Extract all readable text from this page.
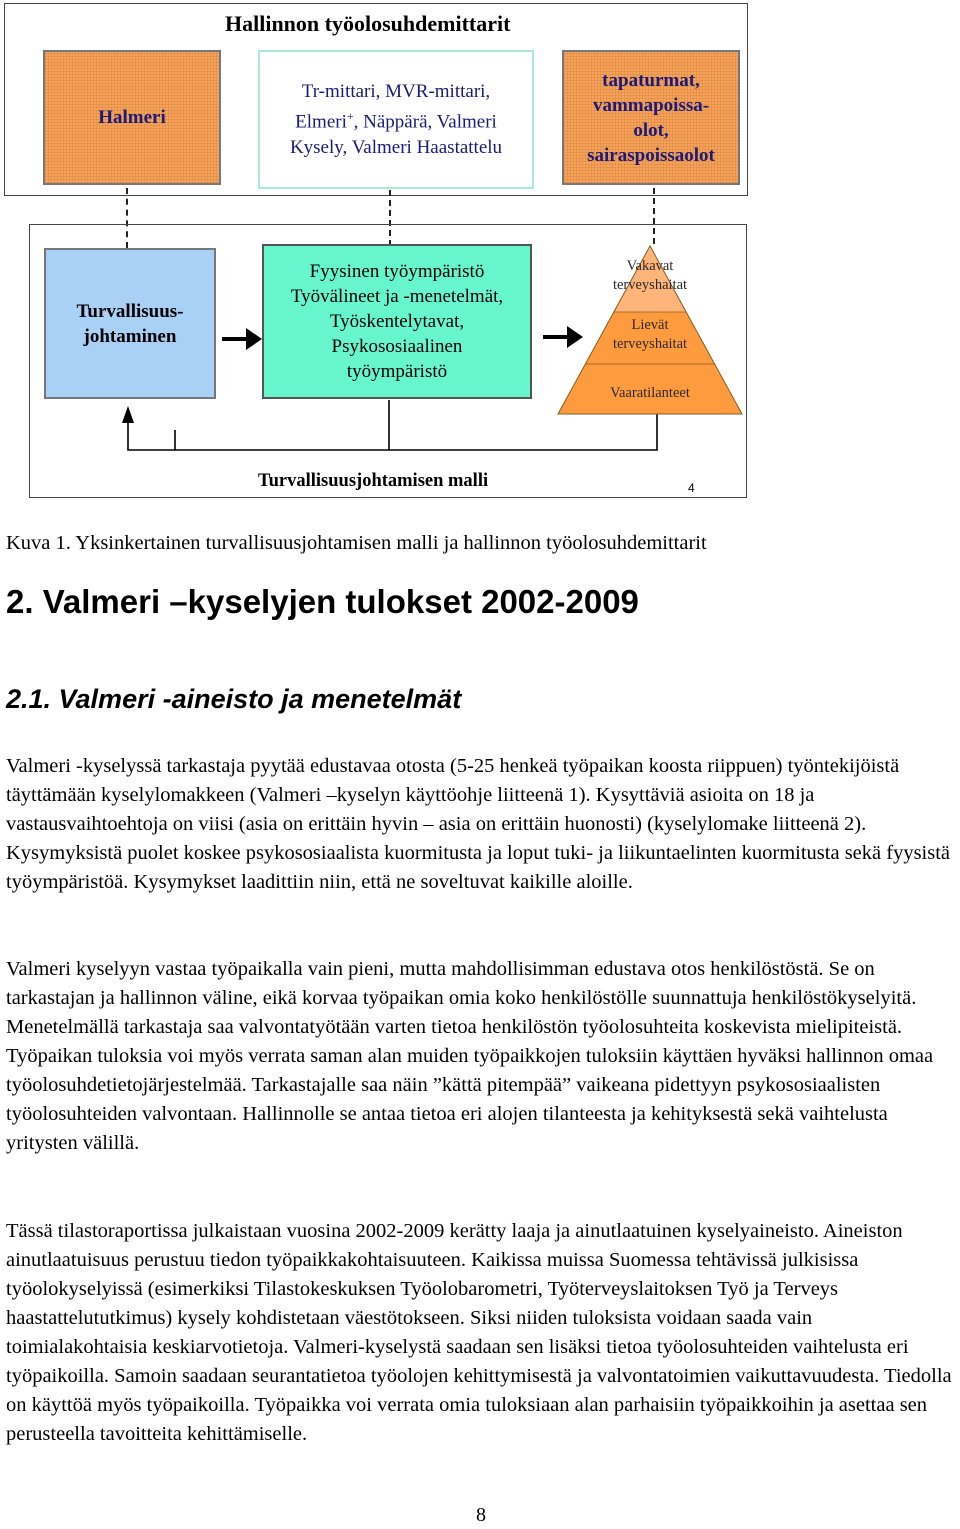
Hallinnon työolosuhdemittarit
Halmeri
Tr-mittari, MVR-mittari,
Elmeri+, Näppärä, Valmeri
Kysely, Valmeri Haastattelu
tapaturmat,
vammapoissa-
olot,
sairaspoissaolot
Turvallisuus-
johtaminen
Fyysinen työympäristö
Työvälineet ja -menetelmät,
Työskentelytavat,
Psykososiaalinen
työympäristö
Vakavat
terveyshaitat
Lievät
terveyshaitat
Vaaratilanteet
Turvallisuusjohtamisen malli	4
Kuva 1. Yksinkertainen turvallisuusjohtamisen malli ja hallinnon työolosuhdemittarit
2. Valmeri –kyselyjen tulokset 2002-2009
2.1. Valmeri -aineisto ja menetelmät

Valmeri -kyselyssä tarkastaja pyytää edustavaa otosta (5-25 henkeä työpaikan koosta riippuen) työntekijöistä täyttämään kyselylomakkeen (Valmeri –kyselyn käyttöohje liitteenä 1). Kysyttäviä asioita on 18 ja vastausvaihtoehtoja on viisi (asia on erittäin hyvin – asia on erittäin huonosti) (kyselylomake liitteenä 2). Kysymyksistä puolet koskee psykososiaalista kuormitusta ja loput tuki- ja liikuntaelinten kuormitusta sekä fyysistä työympäristöä. Kysymykset laadittiin niin, että ne soveltuvat kaikille aloille.

Valmeri kyselyyn vastaa työpaikalla vain pieni, mutta mahdollisimman edustava otos henkilöstöstä. Se on tarkastajan ja hallinnon väline, eikä korvaa työpaikan omia koko henkilöstölle suunnattuja henkilöstökyselyitä. Menetelmällä tarkastaja saa valvontatyötään varten tietoa henkilöstön työolosuhteita koskevista mielipiteistä. Työpaikan tuloksia voi myös verrata saman alan muiden työpaikkojen tuloksiin käyttäen hyväksi hallinnon omaa työolosuhdetietojärjestelmää. Tarkastajalle saa näin ”kättä pitempää” vaikeana pidettyyn psykososiaalisten työolosuhteiden valvontaan. Hallinnolle se antaa tietoa eri alojen tilanteesta ja kehityksestä sekä vaihtelusta yritysten välillä.

Tässä tilastoraportissa julkaistaan vuosina 2002-2009 kerätty laaja ja ainutlaatuinen kyselyaineisto. Aineiston ainutlaatuisuus perustuu tiedon työpaikkakohtaisuuteen. Kaikissa muissa Suomessa tehtävissä julkisissa työolokyselyissä (esimerkiksi Tilastokeskuksen Työolobarometri, Työterveyslaitoksen Työ ja Terveys haastattelututkimus) kysely kohdistetaan väestötokseen. Siksi niiden tuloksista voidaan saada vain toimialakohtaisia keskiarvotietoja. Valmeri-kyselystä saadaan sen lisäksi tietoa työolosuhteiden vaihtelusta eri työpaikoilla. Samoin saadaan seurantatietoa työolojen kehittymisestä ja valvontatoimien vaikuttavuudesta. Tiedolla on käyttöä myös työpaikoilla. Työpaikka voi verrata omia tuloksiaan alan parhaisiin työpaikkoihin ja asettaa sen perusteella tavoitteita kehittämiselle.

8
